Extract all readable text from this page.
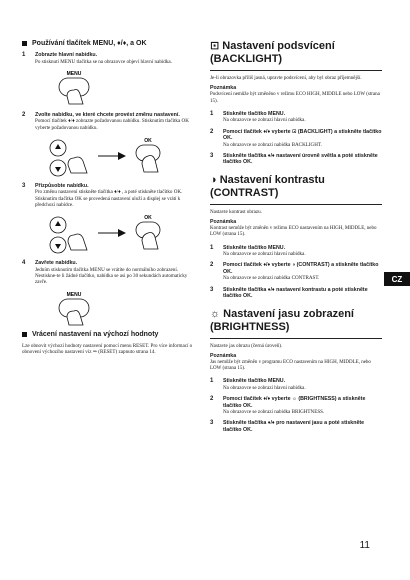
Používání tlačítek MENU, ♦/♦, a OK
1 Zobrazte hlavní nabídku.
Po stisknutí MENU tlačítka se na obrazovce objeví hlavní nabídka.
MENU
2 Zvolte nabídku, ve které chcete provést změnu nastavení.
Pomocí tlačítek ♦/♦ zobrazte požadovanou nabídku. Stisknutím tlačítka OK vyberte požadovanou nabídku.
OK
3 Přizpůsobte nabídku.
Pro změnu nastavení stiskněte tlačítka ♦/♦ , a poté stiskněte tlačítko OK. Stisknutím tlačítka OK se provedená nastavení uloží a displej se vrátí k předchozí nabídce.
OK
4 Zavřete nabídku.
Jedním stisknutím tlačítka MENU se vrátíte do normálního zobrazení. Nestiskne-te li žádné tlačítko, nabídka se asi po 30 sekundách automaticky zavře.
MENU
Vrácení nastavení na výchozí hodnoty
Lze obnovit výchozí hodnoty nastavení pomocí menu RESET. Pro více informací o obnovení výchozího nastavení viz ⇒ (RESET) zapnuto strana 14.
⊡ Nastavení podsvícení (BACKLIGHT)
Je-li obrazovka příliš jasná, upravte podsvícení, aby byl obraz příjemnější.
Poznámka
Podsvícení nemůže být změněno v režimu ECO HIGH, MIDDLE nebo LOW (strana 15).
1 Stiskněte tlačítko MENU.
Na obrazovce se zobrazí hlavní nabídka.
2 Pomocí tlačítek ♦/♦ vyberte ⊡ (BACKLIGHT) a stiskněte tlačítko OK.
Na obrazovce se zobrazí nabídka BACKLIGHT.
3 Stiskněte tlačítka ♦/♦ nastavení úrovně světla a poté stiskněte tlačítko OK.
◑ Nastavení kontrastu (CONTRAST)
Nastavte kontrast obrazu.
Poznámka
Kontrast nemůže být změněn v režimu ECO nastavením na HIGH, MIDDLE, nebo LOW (strana 15).
1 Stiskněte tlačítko MENU.
Na obrazovce se zobrazí hlavní nabídka.
2 Pomocí tlačítek ♦/♦ vyberte ◑ (CONTRAST) a stiskněte tlačítko OK.
Na obrazovce se zobrazí nabídka CONTRAST.
3 Stiskněte tlačítka ♦/♦ nastavení kontrastu a poté stiskněte tlačítko OK.
☼ Nastavení jasu zobrazení (BRIGHTNESS)
Nastavte jas obrazu (černá úroveň).
Poznámka
Jas nemůže být změněn v programu ECO nastavením na HIGH, MIDDLE, nebo LOW (strana 15).
1 Stiskněte tlačítko MENU.
Na obrazovce se zobrazí hlavní nabídka.
2 Pomocí tlačítek ♦/♦ vyberte ☼ (BRIGHTNESS) a stiskněte tlačítko OK.
Na obrazovce se zobrazí nabídka BRIGHTNESS.
3 Stiskněte tlačítka ♦/♦ pro nastavení jasu a poté stiskněte tlačítko OK.
CZ
11
